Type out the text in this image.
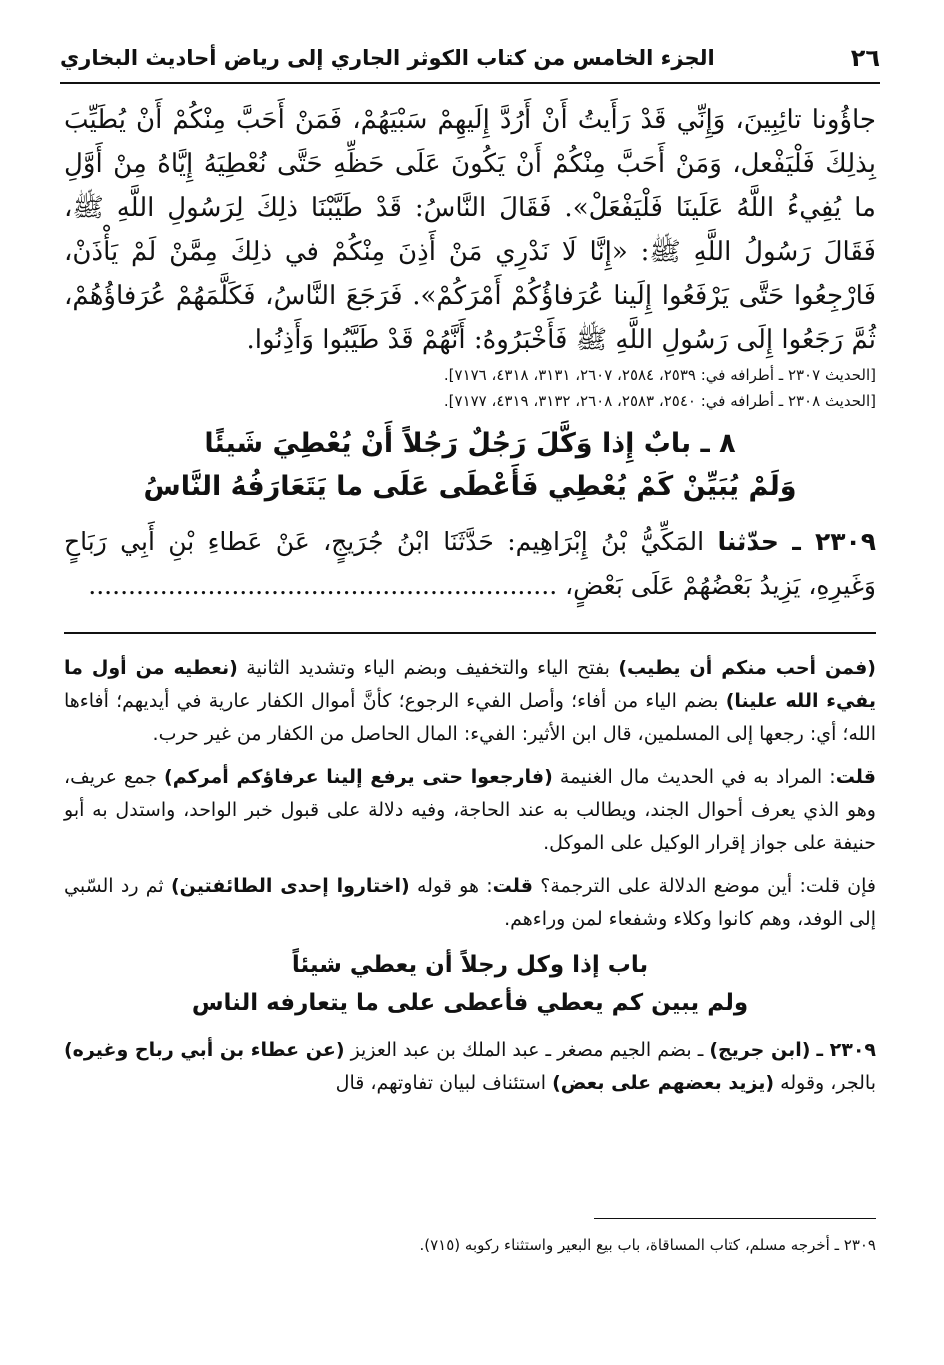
٢٦
الجزء الخامس من كتاب الكوثر الجاري إلى رياض أحاديث البخاري

جاؤُونا تائِبِينَ، وَإِنِّي قَدْ رَأَيتُ أَنْ أَرُدَّ إِلَيهِمْ سَبْيَهُمْ، فَمَنْ أَحَبَّ مِنْكُمْ أَنْ يُطَيِّبَ بِذلِكَ فَلْيَفْعل، وَمَنْ أَحَبَّ مِنْكُمْ أَنْ يَكُونَ عَلَى حَظِّهِ حَتَّى نُعْطِيَهُ إِيَّاهُ مِنْ أَوَّلِ ما يُفِيءُ اللَّهُ عَلَينَا فَلْيَفْعَلْ». فَقَالَ النَّاسُ: قَدْ طَيَّبْنَا ذلِكَ لِرَسُولِ اللَّهِ ﷺ، فَقَالَ رَسُولُ اللَّهِ ﷺ: «إِنَّا لَا نَدْرِي مَنْ أَذِنَ مِنْكُمْ في ذلِكَ مِمَّنْ لَمْ يَأْذَنْ، فَارْجِعُوا حَتَّى يَرْفَعُوا إِلَينا عُرَفاؤُكُمْ أَمْرَكُمْ». فَرَجَعَ النَّاسُ، فَكَلَّمَهُمْ عُرَفاؤُهُمْ، ثُمَّ رَجَعُوا إِلَى رَسُولِ اللَّهِ ﷺ فَأَخْبَرُوهُ: أَنَّهُمْ قَدْ طَيَّبُوا وَأَذِنُوا.

[الحديث ٢٣٠٧ ـ أطرافه في: ٢٥٣٩، ٢٥٨٤، ٢٦٠٧، ٣١٣١، ٤٣١٨، ٧١٧٦].
[الحديث ٢٣٠٨ ـ أطرافه في: ٢٥٤٠، ٢٥٨٣، ٢٦٠٨، ٣١٣٢، ٤٣١٩، ٧١٧٧].
٨ ـ بابٌ إِذا وَكَّلَ رَجُلٌ رَجُلاً أَنْ يُعْطِيَ شَيئًا
وَلَمْ يُبَيِّنْ كَمْ يُعْطِي فَأَعْطَى عَلَى ما يَتَعَارَفُهُ النَّاسُ
٢٣٠٩ ـ حدّثنا المَكِّيُّ بْنُ إِبْرَاهِيم: حَدَّثَنَا ابْنُ جُرَيجٍ، عَنْ عَطاءِ بْنِ أَبِي رَبَاحٍ وَغَيرِهِ، يَزِيدُ بَعْضُهُمْ عَلَى بَعْضٍ، ...........................................................

(فمن أحب منكم أن يطيب) بفتح الياء والتخفيف وبضم الياء وتشديد الثانية (نعطيه من أول ما يفيء الله علينا) بضم الياء من أفاء؛ وأصل الفيء الرجوع؛ كأنَّ أموال الكفار عارية في أيديهم؛ أفاءها الله؛ أي: رجعها إلى المسلمين، قال ابن الأثير: الفيء: المال الحاصل من الكفار من غير حرب.

قلت: المراد به في الحديث مال الغنيمة (فارجعوا حتى يرفع إلينا عرفاؤكم أمركم) جمع عريف، وهو الذي يعرف أحوال الجند، ويطالب به عند الحاجة، وفيه دلالة على قبول خبر الواحد، واستدل به أبو حنيفة على جواز إقرار الوكيل على الموكل.

فإن قلت: أين موضع الدلالة على الترجمة؟ قلت: هو قوله (اختاروا إحدى الطائفتين) ثم رد السّبي إلى الوفد، وهم كانوا وكلاء وشفعاء لمن وراءهم.

باب إذا وكل رجلاً أن يعطي شيئاً
ولم يبين كم يعطي فأعطى على ما يتعارفه الناس

٢٣٠٩ ـ (ابن جريج) ـ بضم الجيم مصغر ـ عبد الملك بن عبد العزيز (عن عطاء بن أبي رباح وغيره) بالجر، وقوله (يزيد بعضهم على بعض) استئناف لبيان تفاوتهم، قال

٢٣٠٩ ـ أخرجه مسلم، كتاب المساقاة، باب بيع البعير واستثناء ركوبه (٧١٥).
